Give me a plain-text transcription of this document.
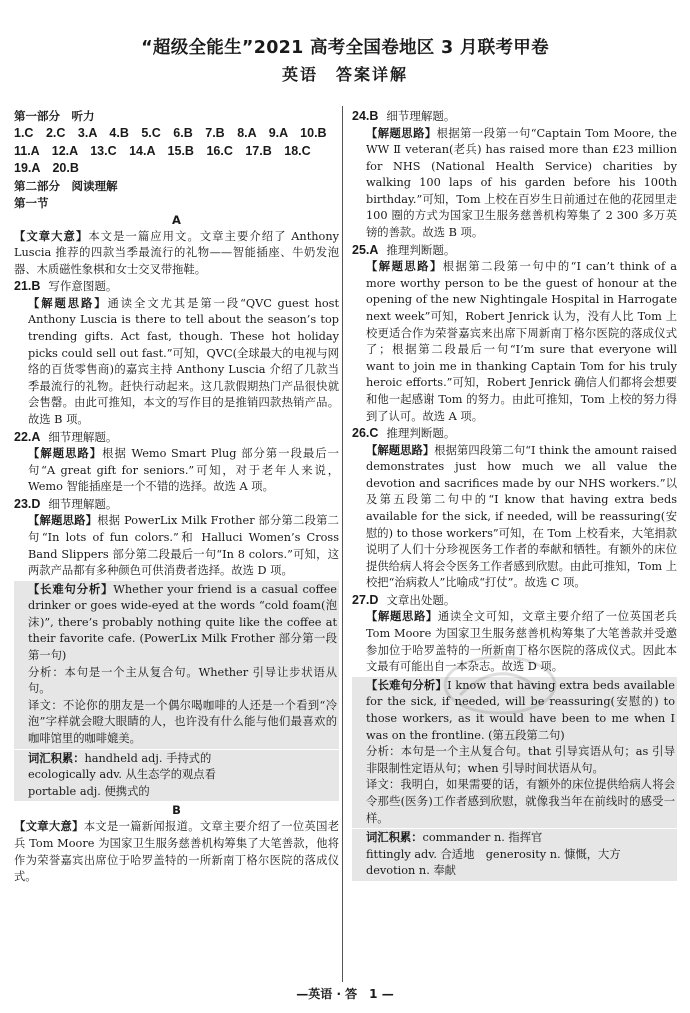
“超级全能生”2021 高考全国卷地区 3 月联考甲卷
英语　答案详解
第一部分　听力
1.C　2.C　3.A　4.B　5.C　6.B　7.B　8.A　9.A　10.B
11.A　12.A　13.C　14.A　15.B　16.C　17.B　18.C
19.A　20.B
第二部分　阅读理解
第一节
A

【文章大意】本文是一篇应用文。文章主要介绍了 Anthony Luscia 推荐的四款当季最流行的礼物——智能插座、牛奶发泡器、木质磁性象棋和女士交叉带拖鞋。

21.B 写作意图题。

【解题思路】通读全文尤其是第一段“QVC guest host Anthony Luscia is there to tell about the season’s top trending gifts. Act fast, though. These hot holiday picks could sell out fast.”可知，QVC(全球最大的电视与网络的百货零售商)的嘉宾主持 Anthony Luscia 介绍了几款当季最流行的礼物。赶快行动起来。这几款假期热门产品很快就会售罄。由此可推知，本文的写作目的是推销四款热销产品。故选 B 项。

22.A 细节理解题。

【解题思路】根据 Wemo Smart Plug 部分第一段最后一句“A great gift for seniors.”可知，对于老年人来说，Wemo 智能插座是一个不错的选择。故选 A 项。

23.D 细节理解题。

【解题思路】根据 PowerLix Milk Frother 部分第二段第二句“In lots of fun colors.”和 Halluci Women’s Cross Band Slippers 部分第二段最后一句“In 8 colors.”可知，这两款产品都有多种颜色可供消费者选择。故选 D 项。

【长难句分析】Whether your friend is a casual coffee drinker or goes wide-eyed at the words “cold foam(泡沫)”, there’s probably nothing quite like the coffee at their favorite cafe. (PowerLix Milk Frother 部分第一段第一句)

分析：本句是一个主从复合句。Whether 引导让步状语从句。

译文：不论你的朋友是一个偶尔喝咖啡的人还是一个看到“冷泡”字样就会瞪大眼睛的人，也许没有什么能与他们最喜欢的咖啡馆里的咖啡媲美。

词汇积累：handheld adj. 手持式的

ecologically adv. 从生态学的观点看

portable adj. 便携式的

B

【文章大意】本文是一篇新闻报道。文章主要介绍了一位英国老兵 Tom Moore 为国家卫生服务慈善机构筹集了大笔善款，他将作为荣誉嘉宾出席位于哈罗盖特的一所新南丁格尔医院的落成仪式。

24.B 细节理解题。

【解题思路】根据第一段第一句“Captain Tom Moore, the WW Ⅱ veteran(老兵) has raised more than £23 million for NHS (National Health Service) charities by walking 100 laps of his garden before his 100th birthday.”可知，Tom 上校在百岁生日前通过在他的花园里走 100 圈的方式为国家卫生服务慈善机构筹集了 2 300 多万英镑的善款。故选 B 项。

25.A 推理判断题。

【解题思路】根据第二段第一句中的“I can’t think of a more worthy person to be the guest of honour at the opening of the new Nightingale Hospital in Harrogate next week”可知，Robert Jenrick 认为，没有人比 Tom 上校更适合作为荣誉嘉宾来出席下周新南丁格尔医院的落成仪式了；根据第二段最后一句“I’m sure that everyone will want to join me in thanking Captain Tom for his truly heroic efforts.”可知，Robert Jenrick 确信人们都将会想要和他一起感谢 Tom 的努力。由此可推知，Tom 上校的努力得到了认可。故选 A 项。

26.C 推理判断题。

【解题思路】根据第四段第二句“I think the amount raised demonstrates just how much we all value the devotion and sacrifices made by our NHS workers.”以及第五段第二句中的“I know that having extra beds available for the sick, if needed, will be reassuring(安慰的) to those workers”可知，在 Tom 上校看来，大笔捐款说明了人们十分珍视医务工作者的奉献和牺牲。有额外的床位提供给病人将会令医务工作者感到欣慰。由此可推知，Tom 上校把“治病救人”比喻成“打仗”。故选 C 项。

27.D 文章出处题。

【解题思路】通读全文可知，文章主要介绍了一位英国老兵 Tom Moore 为国家卫生服务慈善机构筹集了大笔善款并受邀参加位于哈罗盖特的一所新南丁格尔医院的落成仪式。因此本文最有可能出自一本杂志。故选 D 项。

【长难句分析】I know that having extra beds available for the sick, if needed, will be reassuring(安慰的) to those workers, as it would have been to me when I was on the frontline. (第五段第二句)

分析：本句是一个主从复合句。that 引导宾语从句；as 引导非限制性定语从句；when 引导时间状语从句。

译文：我明白，如果需要的话，有额外的床位提供给病人将会令那些(医务)工作者感到欣慰，就像我当年在前线时的感受一样。

词汇积累：commander n. 指挥官

fittingly adv. 合适地　generosity n. 慷慨，大方

devotion n. 奉献

—英语 · 答　1 —
